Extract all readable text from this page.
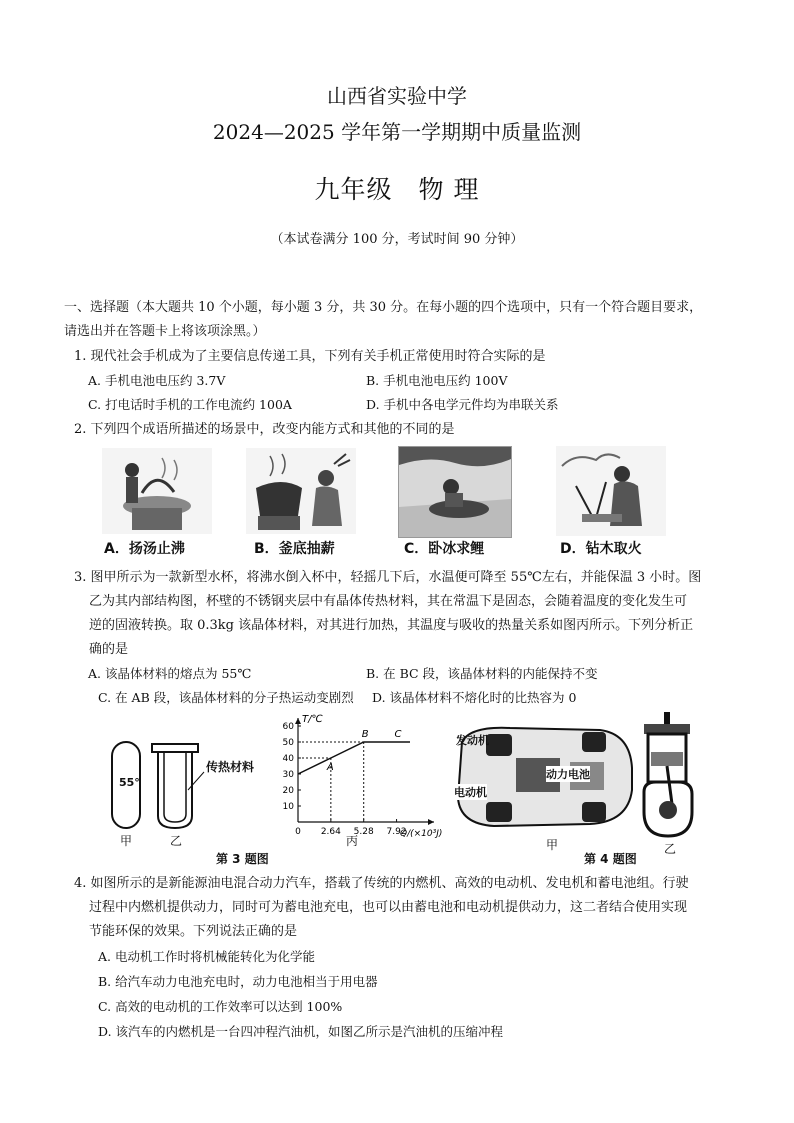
山西省实验中学
2024—2025 学年第一学期期中质量监测
九年级　物 理
（本试卷满分 100 分，考试时间 90 分钟）
一、选择题（本大题共 10 个小题，每小题 3 分，共 30 分。在每小题的四个选项中，只有一个符合题目要求，
请选出并在答题卡上将该项涂黑。）
1. 现代社会手机成为了主要信息传递工具，下列有关手机正常使用时符合实际的是
A. 手机电池电压约 3.7V	B. 手机电池电压约 100V
C. 打电话时手机的工作电流约 100A	D. 手机中各电学元件均为串联关系
2. 下列四个成语所描述的场景中，改变内能方式和其他的不同的是
A．扬汤止沸	B．釜底抽薪	C．卧冰求鲤	D．钻木取火
3. 图甲所示为一款新型水杯，将沸水倒入杯中，轻摇几下后，水温便可降至 55℃左右，并能保温 3 小时。图
乙为其内部结构图，杯壁的不锈钢夹层中有晶体传热材料，其在常温下是固态，会随着温度的变化发生可
逆的固液转换。取 0.3kg 该晶体材料，对其进行加热，其温度与吸收的热量关系如图丙所示。下列分析正
确的是
A. 该晶体材料的熔点为 55℃	B. 在 BC 段，该晶体材料的内能保持不变
C. 在 AB 段，该晶体材料的分子热运动变剧烈 D. 该晶体材料不熔化时的比热容为 0
55°
传热材料
甲	乙
T/℃
Q/(×10³J)
10
20
30
40
50
60
0 2.64 5.28 7.92
A
B	C
丙
第 3 题图
发动机
动力电池
电动机
甲	乙
第 4 题图
4. 如图所示的是新能源油电混合动力汽车，搭载了传统的内燃机、高效的电动机、发电机和蓄电池组。行驶
过程中内燃机提供动力，同时可为蓄电池充电，也可以由蓄电池和电动机提供动力，这二者结合使用实现
节能环保的效果。下列说法正确的是
A. 电动机工作时将机械能转化为化学能
B. 给汽车动力电池充电时，动力电池相当于用电器
C. 高效的电动机的工作效率可以达到 100%
D. 该汽车的内燃机是一台四冲程汽油机，如图乙所示是汽油机的压缩冲程
